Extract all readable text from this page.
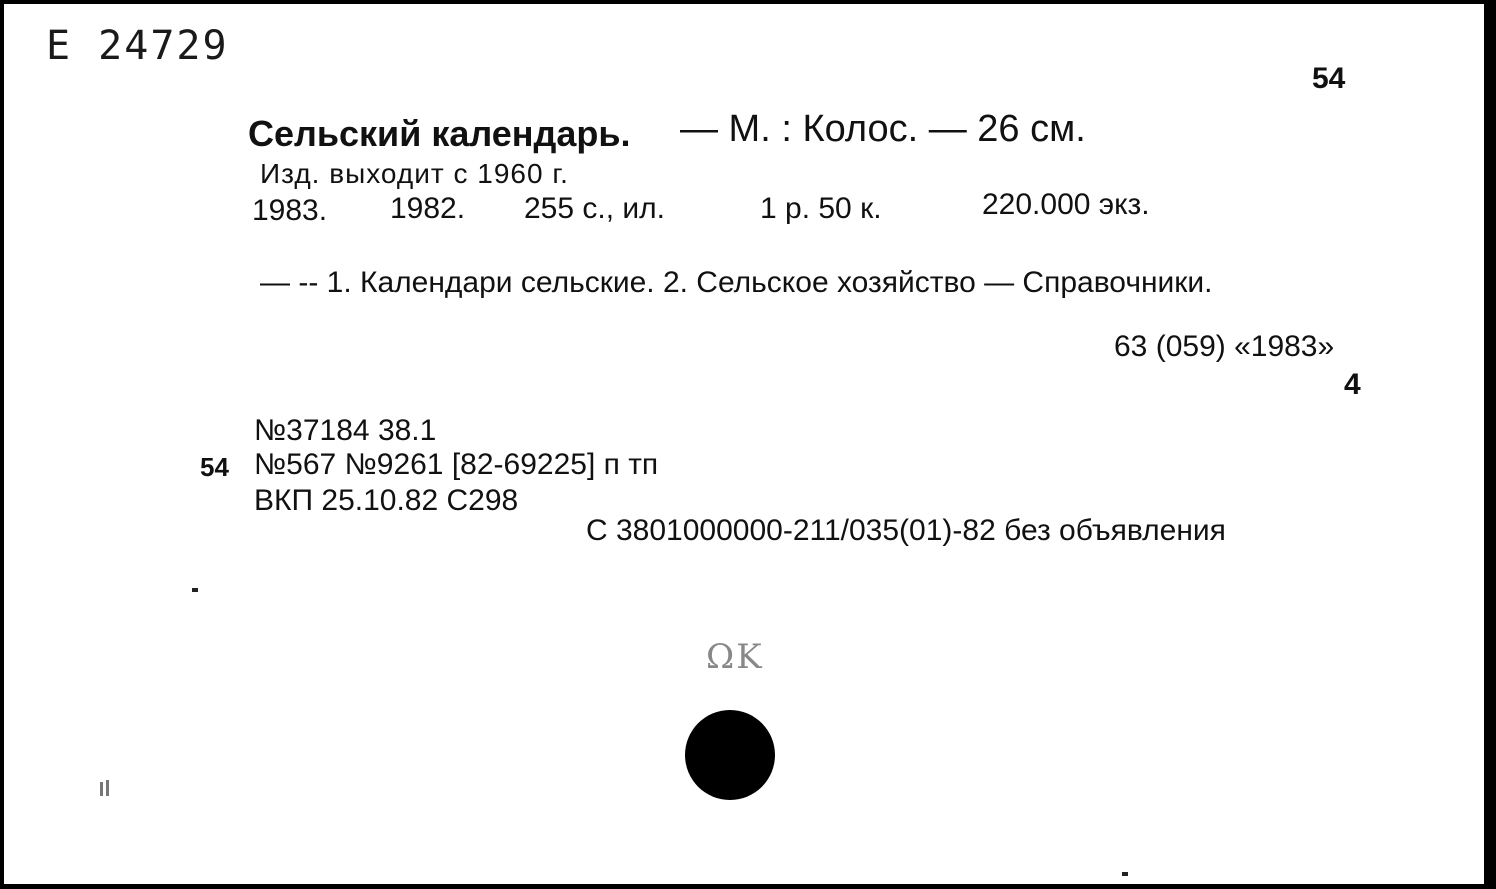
Е 24729
54
Сельский календарь. — М. : Колос. — 26 см.
Изд. выходит с 1960 г.
1983. 1982. 255 с., ил.	1 р. 50 к.	220.000 экз.
— -- 1. Календари сельские. 2. Сельское хозяйство — Справочники.
63 (059) «1983»
4
№37184 38.1
54 №567 №9261 [82-69225] п тп
ВКП 25.10.82 С298
С 3801000000-211/035(01)-82 без объявления
ΩK
